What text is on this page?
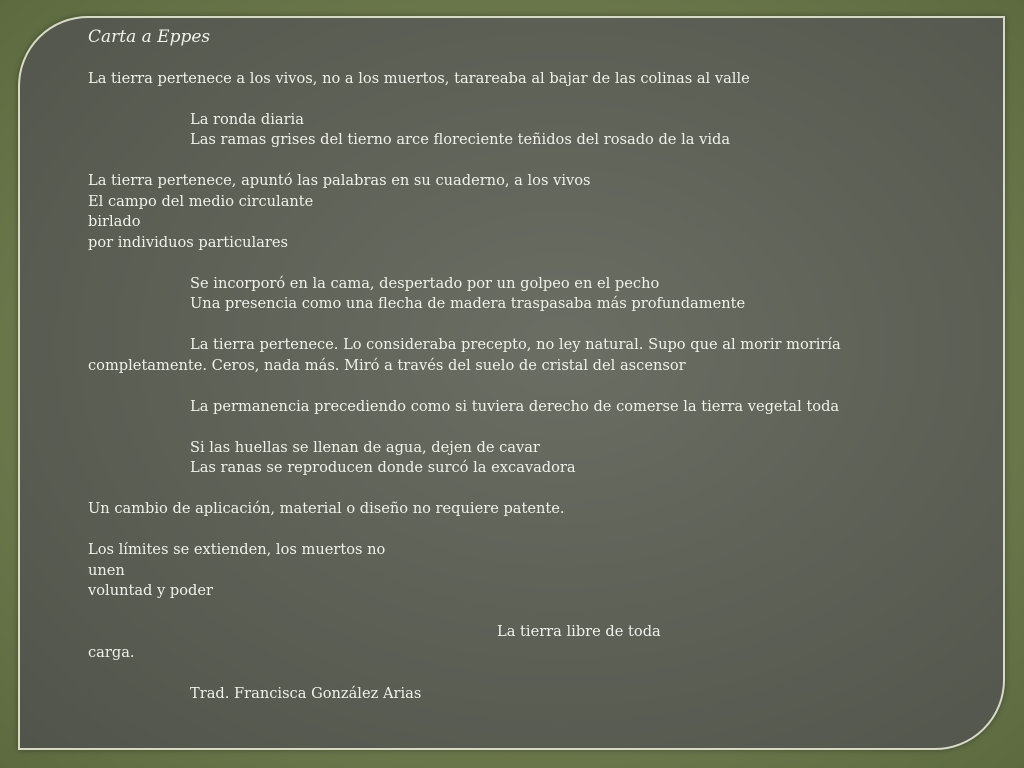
Carta a Eppes

La tierra pertenece a los vivos, no a los muertos, tarareaba al bajar de las colinas al valle

La ronda diaria

Las ramas grises del tierno arce floreciente teñidos del rosado de la vida

La tierra pertenece, apuntó las palabras en su cuaderno, a los vivos

El campo del medio circulante

birlado

por individuos particulares

Se incorporó en la cama, despertado por un golpeo en el pecho

Una presencia como una flecha de madera traspasaba más profundamente

La tierra pertenece. Lo consideraba precepto, no ley natural. Supo que al morir moriría

completamente. Ceros, nada más. Miró a través del suelo de cristal del ascensor

La permanencia precediendo como si tuviera derecho de comerse la tierra vegetal toda

Si las huellas se llenan de agua, dejen de cavar

Las ranas se reproducen donde surcó la excavadora

Un cambio de aplicación, material o diseño no requiere patente.

Los límites se extienden, los muertos no

unen

voluntad y poder

La tierra libre de toda

carga.

Trad. Francisca González Arias
